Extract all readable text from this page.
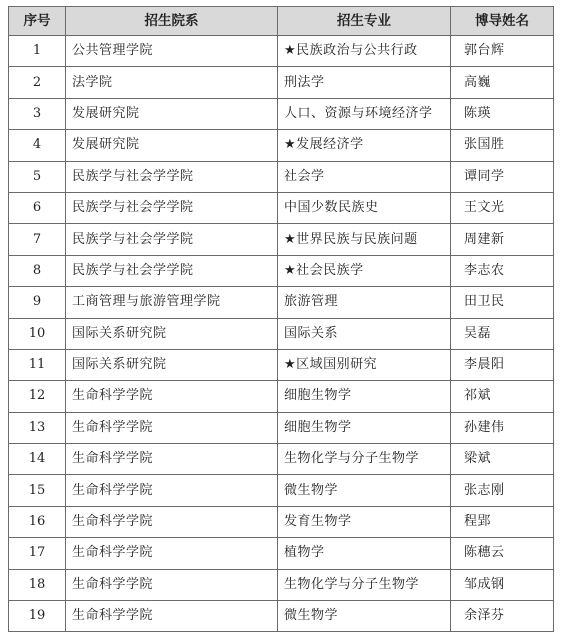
序号	招生院系	招生专业	博导姓名
1	公共管理学院	★民族政治与公共行政	郭台辉
2	法学院	刑法学	高巍
3	发展研究院	人口、资源与环境经济学	陈瑛
4	发展研究院	★发展经济学	张国胜
5	民族学与社会学学院	社会学	谭同学
6	民族学与社会学学院	中国少数民族史	王文光
7	民族学与社会学学院	★世界民族与民族问题	周建新
8	民族学与社会学学院	★社会民族学	李志农
9	工商管理与旅游管理学院	旅游管理	田卫民
10	国际关系研究院	国际关系	吴磊
11	国际关系研究院	★区域国别研究	李晨阳
12	生命科学学院	细胞生物学	祁斌
13	生命科学学院	细胞生物学	孙建伟
14	生命科学学院	生物化学与分子生物学	梁斌
15	生命科学学院	微生物学	张志刚
16	生命科学学院	发育生物学	程郢
17	生命科学学院	植物学	陈穗云
18	生命科学学院	生物化学与分子生物学	邹成钢
19	生命科学学院	微生物学	余泽芬
